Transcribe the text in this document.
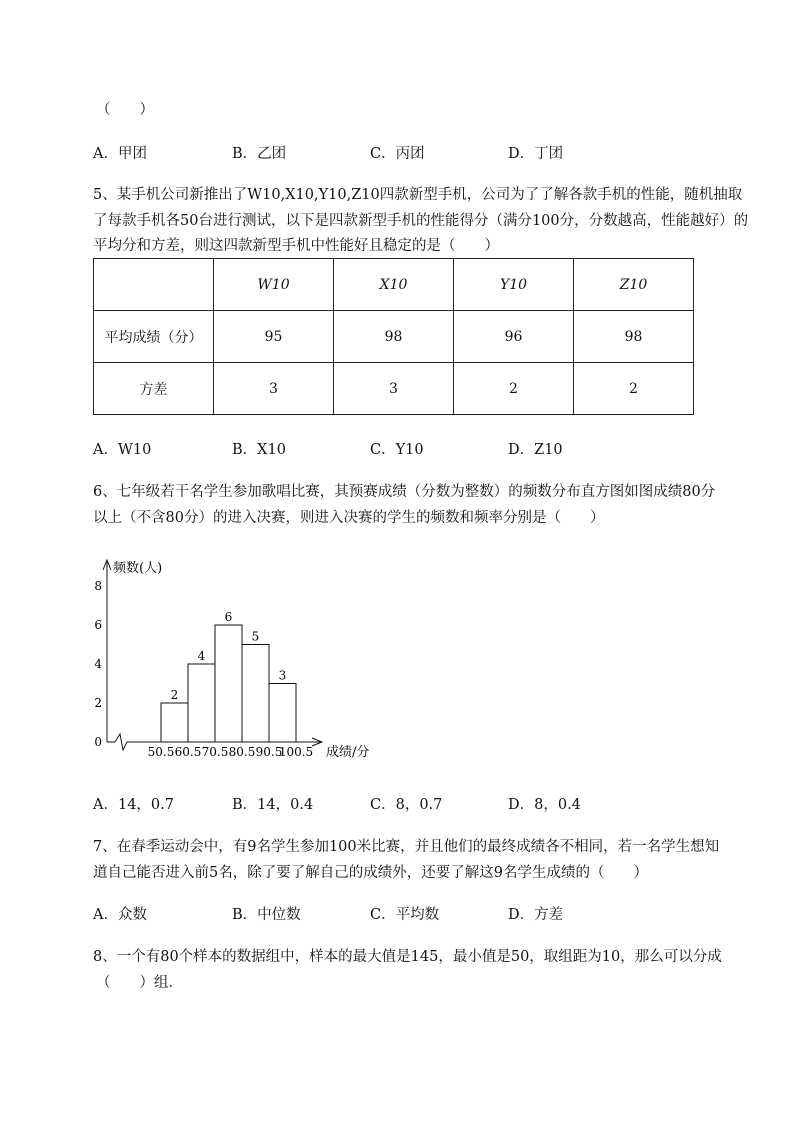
（　　）
A．甲团	B．乙团	C．丙团	D．丁团
5、某手机公司新推出了W10,X10,Y10,Z10四款新型手机，公司为了了解各款手机的性能，随机抽取
了每款手机各50台进行测试，以下是四款新型手机的性能得分（满分100分，分数越高，性能越好）的
平均分和方差，则这四款新型手机中性能好且稳定的是（　　）
	W10	X10	Y10	Z10
平均成绩（分）	95	98	96	98
方差	3	3	2	2
A．W10	B．X10	C．Y10	D．Z10
6、七年级若干名学生参加歌唱比赛，其预赛成绩（分数为整数）的频数分布直方图如图成绩80分
以上（不含80分）的进入决赛，则进入决赛的学生的频数和频率分别是（　　）
0
2
4
6
8
50.5 60.5 70.5 80.5 90.5
100.5
2
4
6
5
3
频数(人)
成绩/分
A．14，0.7	B．14，0.4	C．8，0.7	D．8，0.4
7、在春季运动会中，有9名学生参加100米比赛，并且他们的最终成绩各不相同，若一名学生想知
道自己能否进入前5名，除了要了解自己的成绩外，还要了解这9名学生成绩的（　　）
A．众数	B．中位数	C．平均数	D．方差
8、一个有80个样本的数据组中，样本的最大值是145，最小值是50，取组距为10，那么可以分成
（　　）组．
